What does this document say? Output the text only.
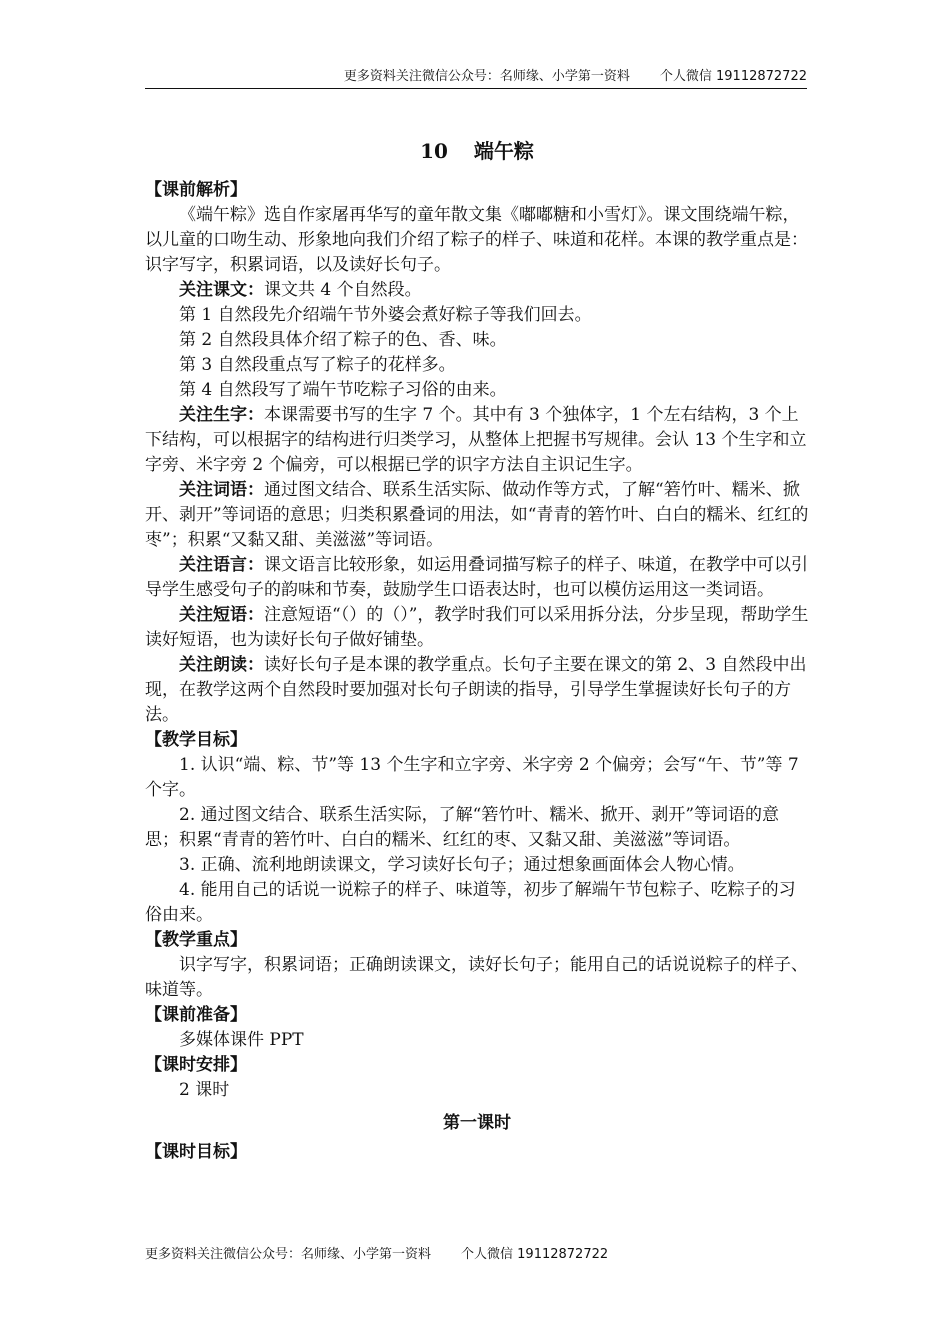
更多资料关注微信公众号：名师缘、小学第一资料 个人微信 19112872722
10 端午粽
【课前解析】

《端午粽》选自作家屠再华写的童年散文集《嘟嘟糖和小雪灯》。课文围绕端午粽，以儿童的口吻生动、形象地向我们介绍了粽子的样子、味道和花样。本课的教学重点是：识字写字，积累词语，以及读好长句子。

关注课文：课文共 4 个自然段。

第 1 自然段先介绍端午节外婆会煮好粽子等我们回去。

第 2 自然段具体介绍了粽子的色、香、味。

第 3 自然段重点写了粽子的花样多。

第 4 自然段写了端午节吃粽子习俗的由来。

关注生字：本课需要书写的生字 7 个。其中有 3 个独体字，1 个左右结构，3 个上下结构，可以根据字的结构进行归类学习，从整体上把握书写规律。会认 13 个生字和立字旁、米字旁 2 个偏旁，可以根据已学的识字方法自主识记生字。

关注词语：通过图文结合、联系生活实际、做动作等方式，了解“箬竹叶、糯米、掀开、剥开”等词语的意思；归类积累叠词的用法，如“青青的箬竹叶、白白的糯米、红红的枣”；积累“又黏又甜、美滋滋”等词语。

关注语言：课文语言比较形象，如运用叠词描写粽子的样子、味道，在教学中可以引导学生感受句子的韵味和节奏，鼓励学生口语表达时，也可以模仿运用这一类词语。

关注短语：注意短语“（）的（）”，教学时我们可以采用拆分法，分步呈现，帮助学生读好短语，也为读好长句子做好铺垫。

关注朗读：读好长句子是本课的教学重点。长句子主要在课文的第 2、3 自然段中出现，在教学这两个自然段时要加强对长句子朗读的指导，引导学生掌握读好长句子的方法。

【教学目标】

1. 认识“端、粽、节”等 13 个生字和立字旁、米字旁 2 个偏旁；会写“午、节”等 7 个字。

2. 通过图文结合、联系生活实际，了解“箬竹叶、糯米、掀开、剥开”等词语的意思；积累“青青的箬竹叶、白白的糯米、红红的枣、又黏又甜、美滋滋”等词语。

3. 正确、流利地朗读课文，学习读好长句子；通过想象画面体会人物心情。

4. 能用自己的话说一说粽子的样子、味道等，初步了解端午节包粽子、吃粽子的习俗由来。

【教学重点】

识字写字，积累词语；正确朗读课文，读好长句子；能用自己的话说说粽子的样子、味道等。

【课前准备】

多媒体课件 PPT

【课时安排】

2 课时

第一课时
【课时目标】
更多资料关注微信公众号：名师缘、小学第一资料 个人微信 19112872722
